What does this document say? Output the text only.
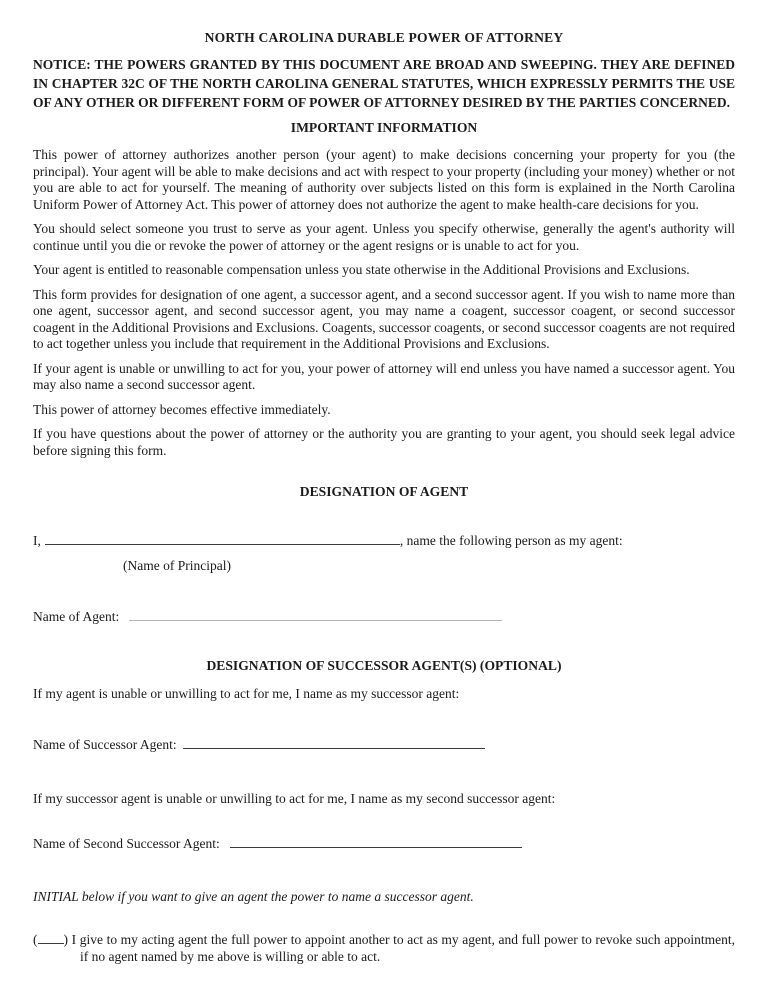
NORTH CAROLINA DURABLE POWER OF ATTORNEY

NOTICE: THE POWERS GRANTED BY THIS DOCUMENT ARE BROAD AND SWEEPING. THEY ARE DEFINED IN CHAPTER 32C OF THE NORTH CAROLINA GENERAL STATUTES, WHICH EXPRESSLY PERMITS THE USE OF ANY OTHER OR DIFFERENT FORM OF POWER OF ATTORNEY DESIRED BY THE PARTIES CONCERNED.

IMPORTANT INFORMATION

This power of attorney authorizes another person (your agent) to make decisions concerning your property for you (the principal). Your agent will be able to make decisions and act with respect to your property (including your money) whether or not you are able to act for yourself. The meaning of authority over subjects listed on this form is explained in the North Carolina Uniform Power of Attorney Act. This power of attorney does not authorize the agent to make health-care decisions for you.

You should select someone you trust to serve as your agent. Unless you specify otherwise, generally the agent's authority will continue until you die or revoke the power of attorney or the agent resigns or is unable to act for you.

Your agent is entitled to reasonable compensation unless you state otherwise in the Additional Provisions and Exclusions.

This form provides for designation of one agent, a successor agent, and a second successor agent. If you wish to name more than one agent, successor agent, and second successor agent, you may name a coagent, successor coagent, or second successor coagent in the Additional Provisions and Exclusions. Coagents, successor coagents, or second successor coagents are not required to act together unless you include that requirement in the Additional Provisions and Exclusions.

If your agent is unable or unwilling to act for you, your power of attorney will end unless you have named a successor agent. You may also name a second successor agent.

This power of attorney becomes effective immediately.

If you have questions about the power of attorney or the authority you are granting to your agent, you should seek legal advice before signing this form.

DESIGNATION OF AGENT
I,	, name the following person as my agent:
(Name of Principal)
Name of Agent:
DESIGNATION OF SUCCESSOR AGENT(S) (OPTIONAL)

If my agent is unable or unwilling to act for me, I name as my successor agent:

Name of Successor Agent:

If my successor agent is unable or unwilling to act for me, I name as my second successor agent:

Name of Second Successor Agent:

INITIAL below if you want to give an agent the power to name a successor agent.

( ) I give to my acting agent the full power to appoint another to act as my agent, and full power to revoke such appointment, if no agent named by me above is willing or able to act.
